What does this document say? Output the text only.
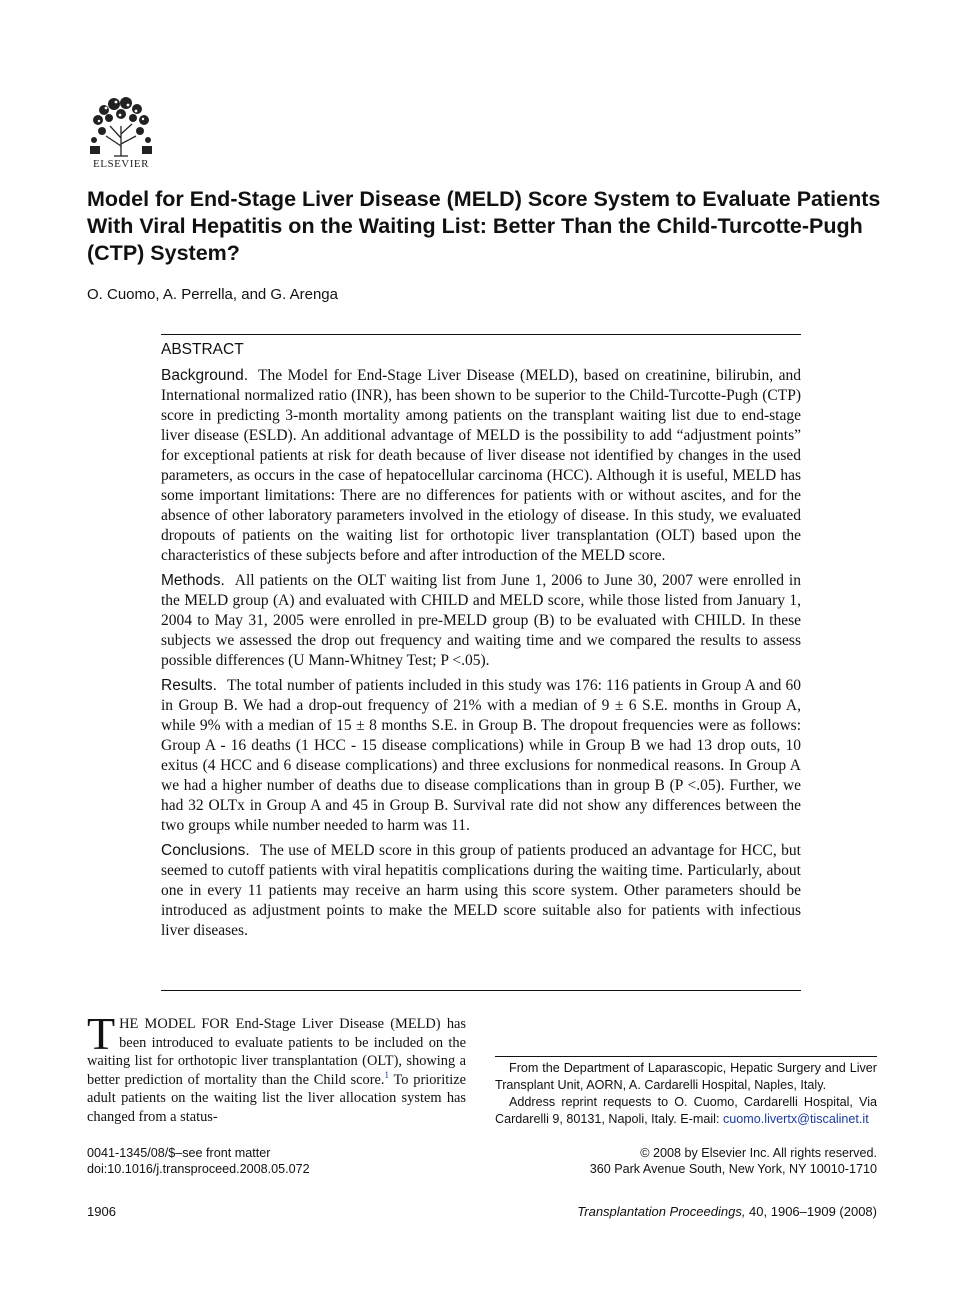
ELSEVIER
Model for End-Stage Liver Disease (MELD) Score System to Evaluate Patients With Viral Hepatitis on the Waiting List: Better Than the Child-Turcotte-Pugh (CTP) System?
O. Cuomo, A. Perrella, and G. Arenga
ABSTRACT

Background. The Model for End-Stage Liver Disease (MELD), based on creatinine, bilirubin, and International normalized ratio (INR), has been shown to be superior to the Child-Turcotte-Pugh (CTP) score in predicting 3-month mortality among patients on the transplant waiting list due to end-stage liver disease (ESLD). An additional advantage of MELD is the possibility to add “adjustment points” for exceptional patients at risk for death because of liver disease not identified by changes in the used parameters, as occurs in the case of hepatocellular carcinoma (HCC). Although it is useful, MELD has some important limitations: There are no differences for patients with or without ascites, and for the absence of other laboratory parameters involved in the etiology of disease. In this study, we evaluated dropouts of patients on the waiting list for orthotopic liver transplantation (OLT) based upon the characteristics of these subjects before and after introduction of the MELD score.

Methods. All patients on the OLT waiting list from June 1, 2006 to June 30, 2007 were enrolled in the MELD group (A) and evaluated with CHILD and MELD score, while those listed from January 1, 2004 to May 31, 2005 were enrolled in pre-MELD group (B) to be evaluated with CHILD. In these subjects we assessed the drop out frequency and waiting time and we compared the results to assess possible differences (U Mann-Whitney Test; P <.05).

Results. The total number of patients included in this study was 176: 116 patients in Group A and 60 in Group B. We had a drop-out frequency of 21% with a median of 9 ± 6 S.E. months in Group A, while 9% with a median of 15 ± 8 months S.E. in Group B. The dropout frequencies were as follows: Group A - 16 deaths (1 HCC - 15 disease complications) while in Group B we had 13 drop outs, 10 exitus (4 HCC and 6 disease complications) and three exclusions for nonmedical reasons. In Group A we had a higher number of deaths due to disease complications than in group B (P <.05). Further, we had 32 OLTx in Group A and 45 in Group B. Survival rate did not show any differences between the two groups while number needed to harm was 11.

Conclusions. The use of MELD score in this group of patients produced an advantage for HCC, but seemed to cutoff patients with viral hepatitis complications during the waiting time. Particularly, about one in every 11 patients may receive an harm using this score system. Other parameters should be introduced as adjustment points to make the MELD score suitable also for patients with infectious liver diseases.

THE MODEL FOR End-Stage Liver Disease (MELD) has been introduced to evaluate patients to be included on the waiting list for orthotopic liver transplantation (OLT), showing a better prediction of mortality than the Child score.$^1$ To prioritize adult patients on the waiting list the liver allocation system has changed from a status-

From the Department of Laparascopic, Hepatic Surgery and Liver Transplant Unit, AORN, A. Cardarelli Hospital, Naples, Italy.

Address reprint requests to O. Cuomo, Cardarelli Hospital, Via Cardarelli 9, 80131, Napoli, Italy. E-mail: cuomo.livertx@tiscalinet.it

0041-1345/08/$–see front matter
doi:10.1016/j.transproceed.2008.05.072
© 2008 by Elsevier Inc. All rights reserved.
360 Park Avenue South, New York, NY 10010-1710
1906	Transplantation Proceedings, 40, 1906–1909 (2008)
